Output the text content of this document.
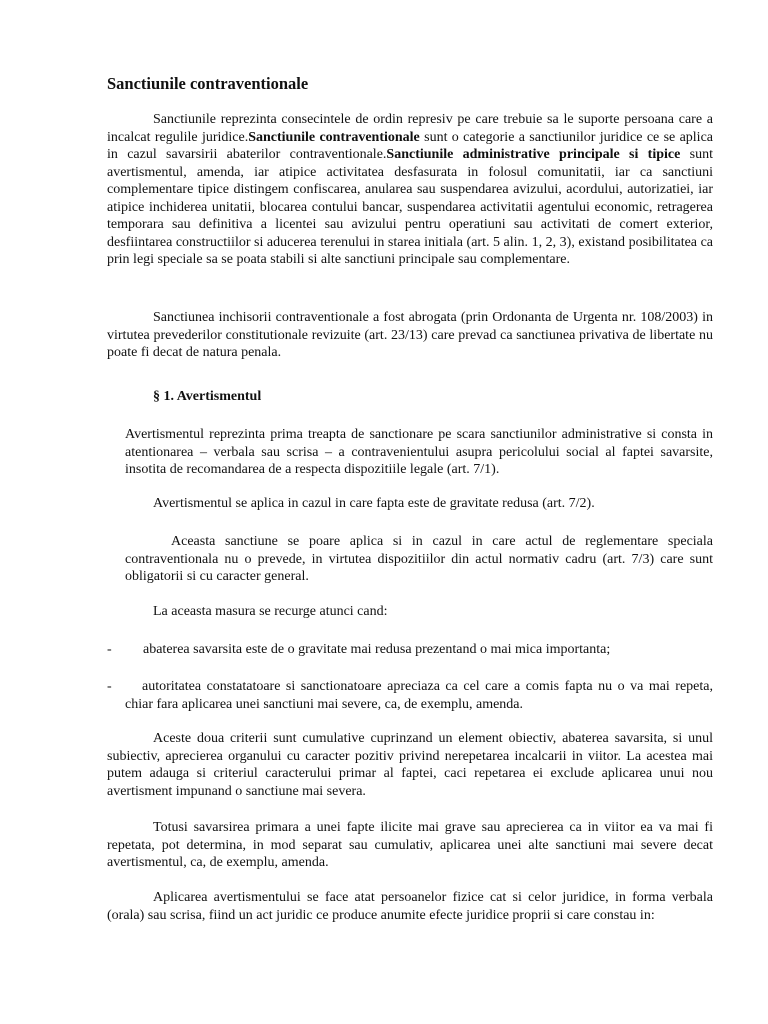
Sanctiunile contraventionale

Sanctiunile reprezinta consecintele de ordin represiv pe care trebuie sa le suporte persoana care a incalcat regulile juridice.Sanctiunile contraventionale sunt o categorie a sanctiunilor juridice ce se aplica in cazul savarsirii abaterilor contraventionale.Sanctiunile administrative principale si tipice sunt avertismentul, amenda, iar atipice activitatea desfasurata in folosul comunitatii, iar ca sanctiuni complementare tipice distingem confiscarea, anularea sau suspendarea avizului, acordului, autorizatiei, iar atipice inchiderea unitatii, blocarea contului bancar, suspendarea activitatii agentului economic, retragerea temporara sau definitiva a licentei sau avizului pentru operatiuni sau activitati de comert exterior, desfiintarea constructiilor si aducerea terenului in starea initiala (art. 5 alin. 1, 2, 3), existand posibilitatea ca prin legi speciale sa se poata stabili si alte sanctiuni principale sau complementare.

Sanctiunea inchisorii contraventionale a fost abrogata (prin Ordonanta de Urgenta nr. 108/2003) in virtutea prevederilor constitutionale revizuite (art. 23/13) care prevad ca sanctiunea privativa de libertate nu poate fi decat de natura penala.

§ 1. Avertismentul

Avertismentul reprezinta prima treapta de sanctionare pe scara sanctiunilor administrative si consta in atentionarea – verbala sau scrisa – a contravenientului asupra pericolului social al faptei savarsite, insotita de recomandarea de a respecta dispozitiile legale (art. 7/1).

Avertismentul se aplica in cazul in care fapta este de gravitate redusa (art. 7/2).

Aceasta sanctiune se poare aplica si in cazul in care actul de reglementare speciala contraventionala nu o prevede, in virtutea dispozitiilor din actul normativ cadru (art. 7/3) care sunt obligatorii si cu caracter general.

La aceasta masura se recurge atunci cand:

- abaterea savarsita este de o gravitate mai redusa prezentand o mai mica importanta;
-	autoritatea constatatoare si sanctionatoare apreciaza ca cel care a comis fapta nu o va mai repeta, chiar fara aplicarea unei sanctiuni mai severe, ca, de exemplu, amenda.

Aceste doua criterii sunt cumulative cuprinzand un element obiectiv, abaterea savarsita, si unul subiectiv, aprecierea organului cu caracter pozitiv privind nerepetarea incalcarii in viitor. La acestea mai putem adauga si criteriul caracterului primar al faptei, caci repetarea ei exclude aplicarea unui nou avertisment impunand o sanctiune mai severa.

Totusi savarsirea primara a unei fapte ilicite mai grave sau aprecierea ca in viitor ea va mai fi repetata, pot determina, in mod separat sau cumulativ, aplicarea unei alte sanctiuni mai severe decat avertismentul, ca, de exemplu, amenda.

Aplicarea avertismentului se face atat persoanelor fizice cat si celor juridice, in forma verbala (orala) sau scrisa, fiind un act juridic ce produce anumite efecte juridice proprii si care constau in:
